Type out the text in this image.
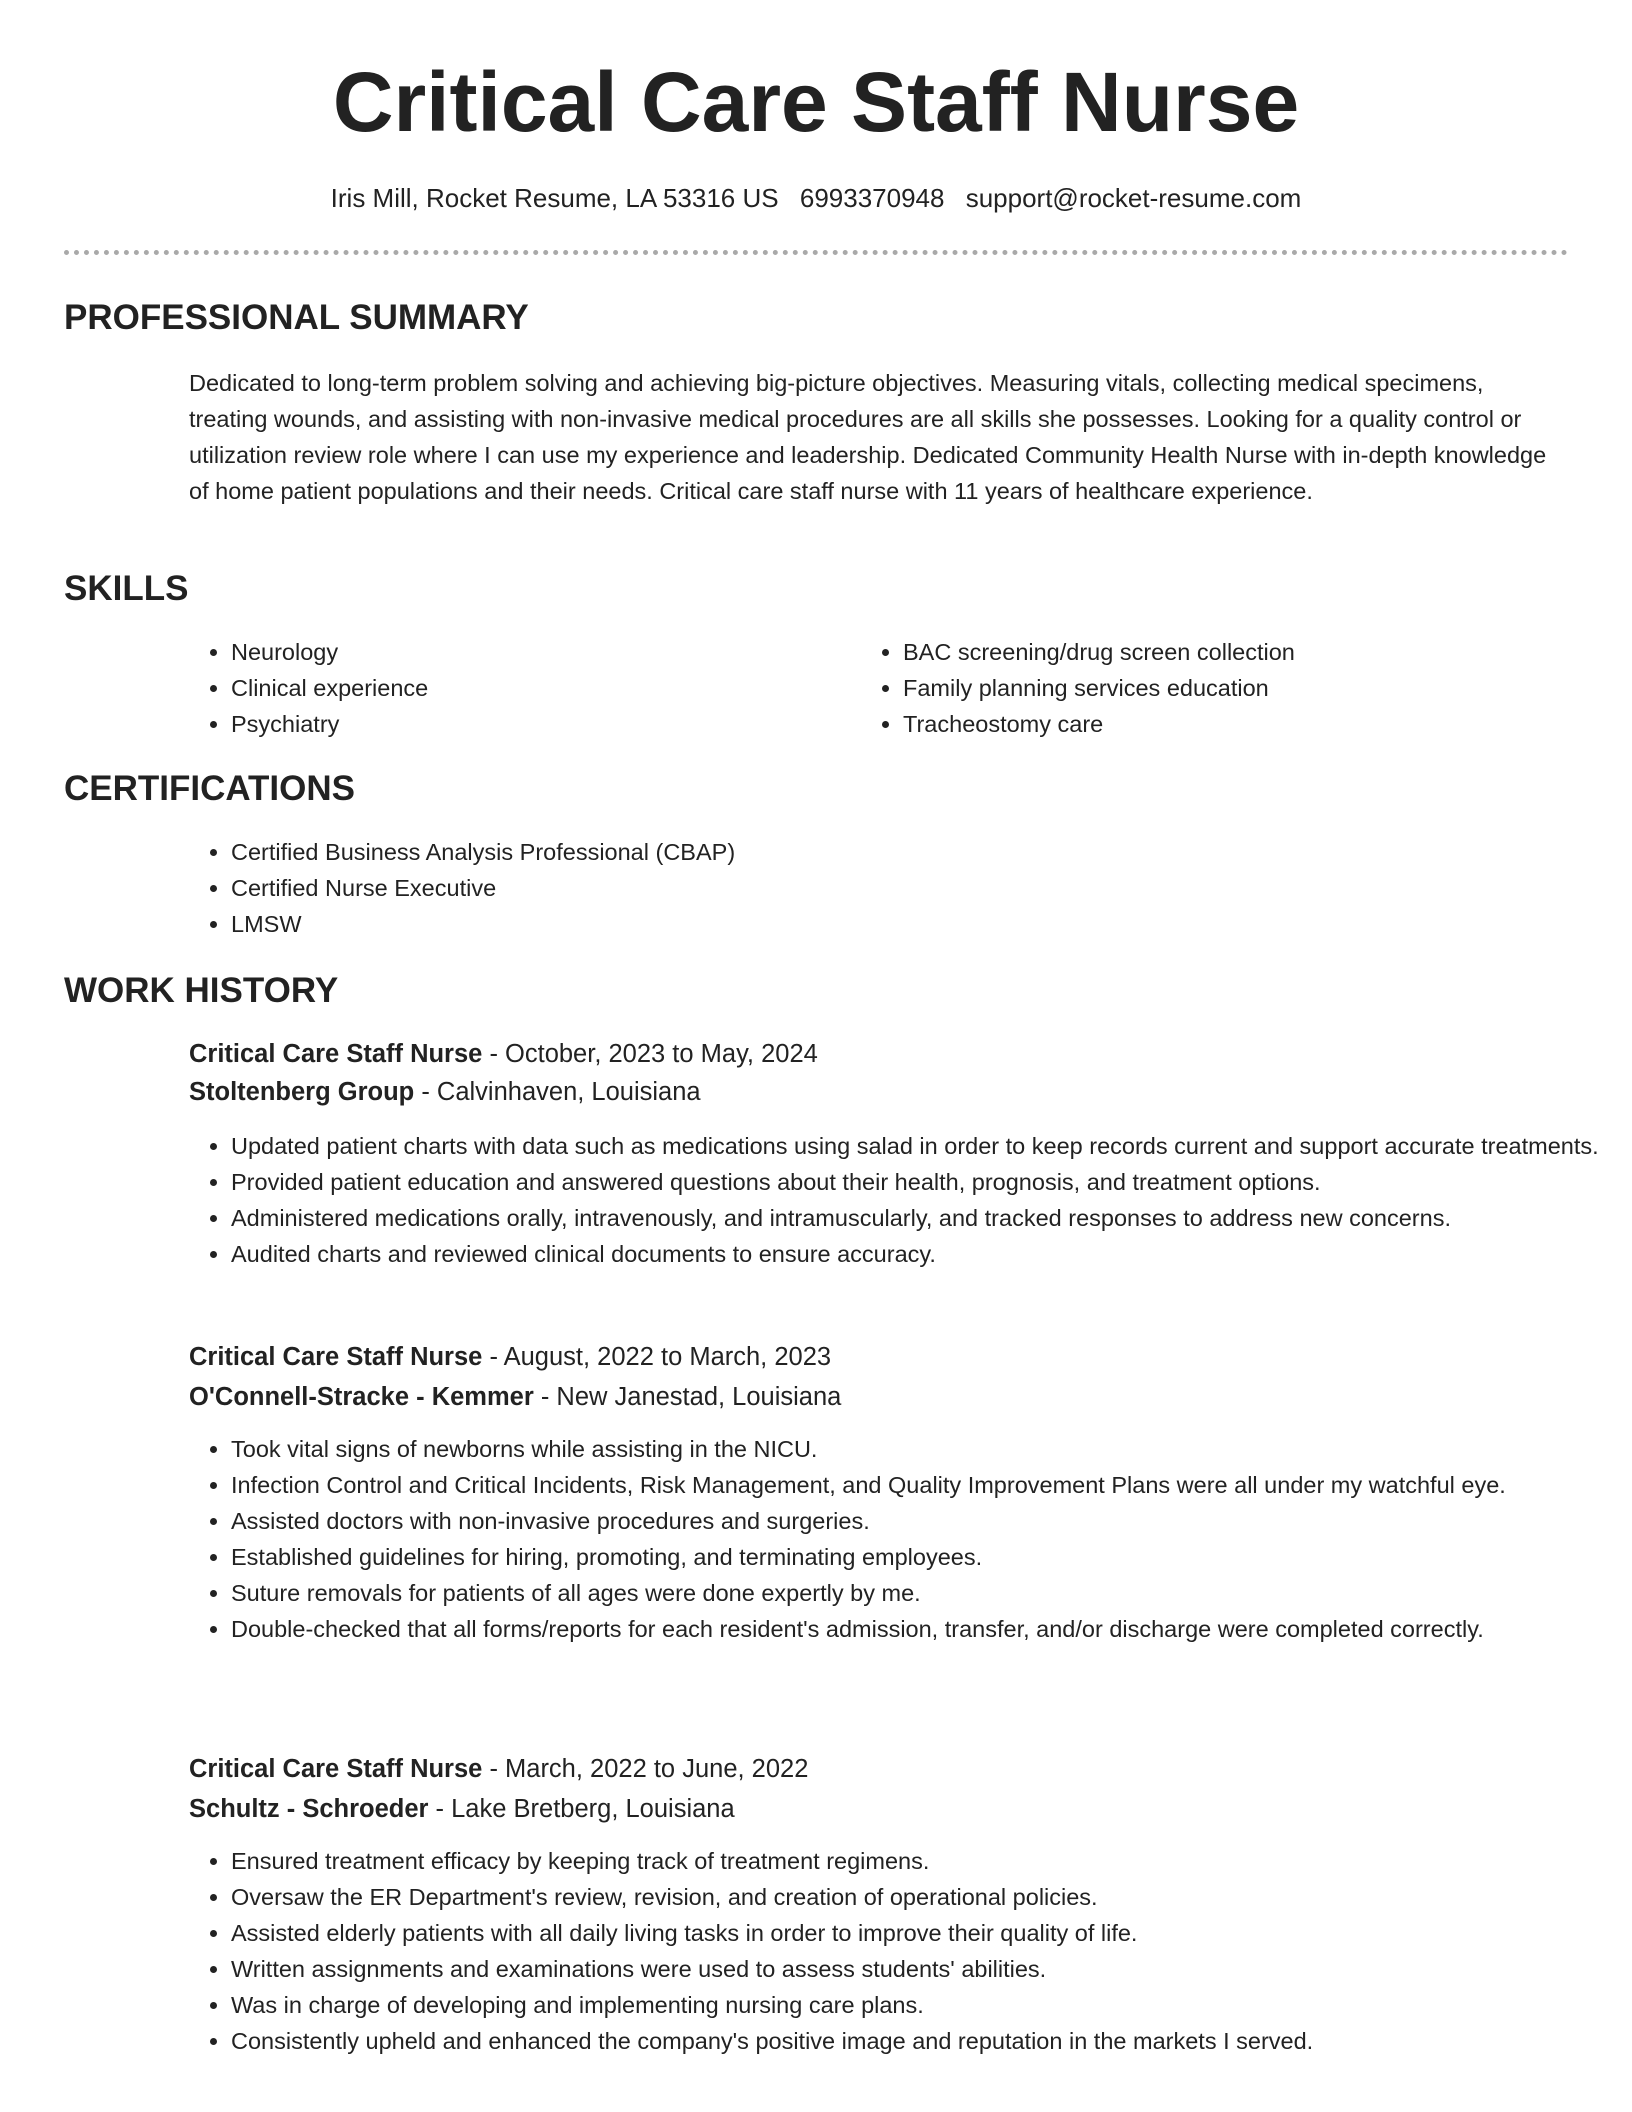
Critical Care Staff Nurse
Iris Mill, Rocket Resume, LA 53316 US 6993370948 support@rocket-resume.com
PROFESSIONAL SUMMARY

Dedicated to long-term problem solving and achieving big-picture objectives. Measuring vitals, collecting medical specimens, treating wounds, and assisting with non-invasive medical procedures are all skills she possesses. Looking for a quality control or utilization review role where I can use my experience and leadership. Dedicated Community Health Nurse with in-depth knowledge of home patient populations and their needs. Critical care staff nurse with 11 years of healthcare experience.

SKILLS
• Neurology
• Clinical experience
• Psychiatry
• BAC screening/drug screen collection
• Family planning services education
• Tracheostomy care
CERTIFICATIONS
• Certified Business Analysis Professional (CBAP)
• Certified Nurse Executive
• LMSW
WORK HISTORY
Critical Care Staff Nurse - October, 2023 to May, 2024
Stoltenberg Group - Calvinhaven, Louisiana
• Updated patient charts with data such as medications using salad in order to keep records current and support accurate treatments.
• Provided patient education and answered questions about their health, prognosis, and treatment options.
• Administered medications orally, intravenously, and intramuscularly, and tracked responses to address new concerns.
• Audited charts and reviewed clinical documents to ensure accuracy.
Critical Care Staff Nurse - August, 2022 to March, 2023
O'Connell-Stracke - Kemmer - New Janestad, Louisiana
• Took vital signs of newborns while assisting in the NICU.
• Infection Control and Critical Incidents, Risk Management, and Quality Improvement Plans were all under my watchful eye.
• Assisted doctors with non-invasive procedures and surgeries.
• Established guidelines for hiring, promoting, and terminating employees.
• Suture removals for patients of all ages were done expertly by me.
• Double-checked that all forms/reports for each resident's admission, transfer, and/or discharge were completed correctly.
Critical Care Staff Nurse - March, 2022 to June, 2022
Schultz - Schroeder - Lake Bretberg, Louisiana
• Ensured treatment efficacy by keeping track of treatment regimens.
• Oversaw the ER Department's review, revision, and creation of operational policies.
• Assisted elderly patients with all daily living tasks in order to improve their quality of life.
• Written assignments and examinations were used to assess students' abilities.
• Was in charge of developing and implementing nursing care plans.
• Consistently upheld and enhanced the company's positive image and reputation in the markets I served.
